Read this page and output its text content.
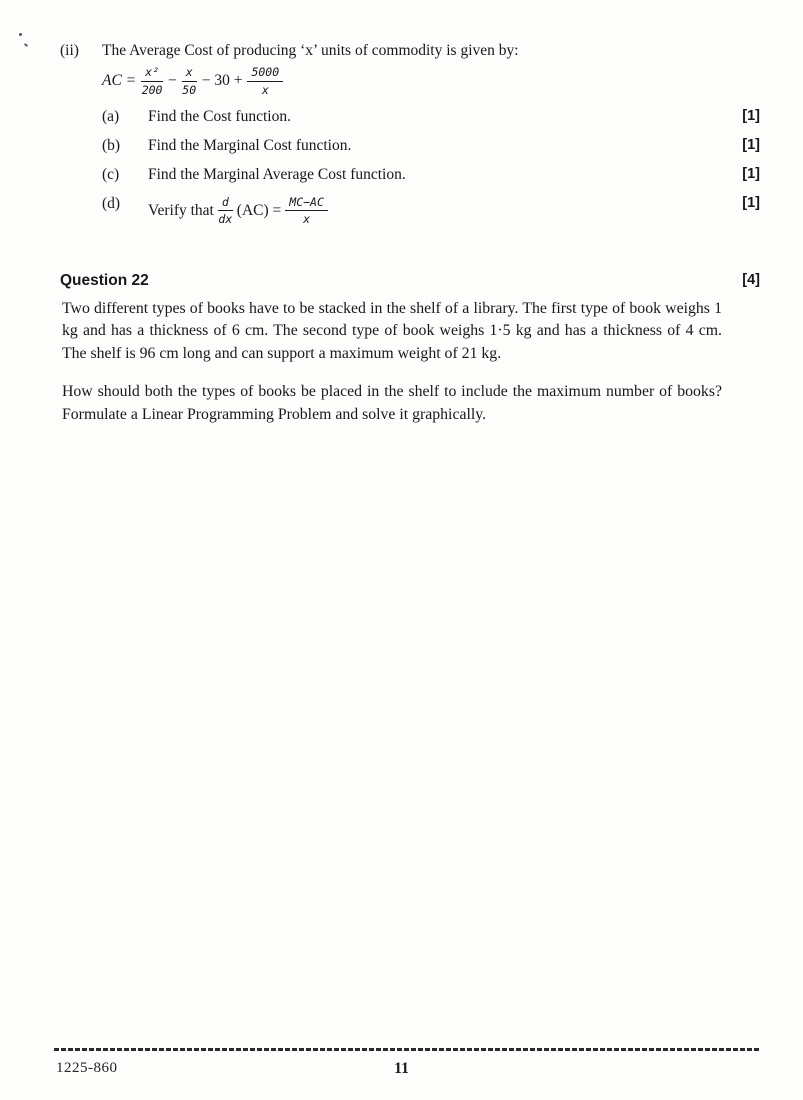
(ii)	The Average Cost of producing ‘x’ units of commodity is given by:

AC = $\frac{\text{x²}}{200} - \frac{x}{50} - 30 + \frac{5000}{x}$
(a)	Find the Cost function.	[1]
(b)	Find the Marginal Cost function.	[1]
(c)	Find the Marginal Average Cost function.	[1]
(d)	Verify that $\frac{d}{dx} (AC) = \frac{MC-AC}{x}$	[1]
Question 22	[4]

Two different types of books have to be stacked in the shelf of a library. The first type of book weighs 1 kg and has a thickness of 6 cm. The second type of book weighs 1·5 kg and has a thickness of 4 cm. The shelf is 96 cm long and can support a maximum weight of 21 kg.

How should both the types of books be placed in the shelf to include the maximum number of books? Formulate a Linear Programming Problem and solve it graphically.

1225-860	11
